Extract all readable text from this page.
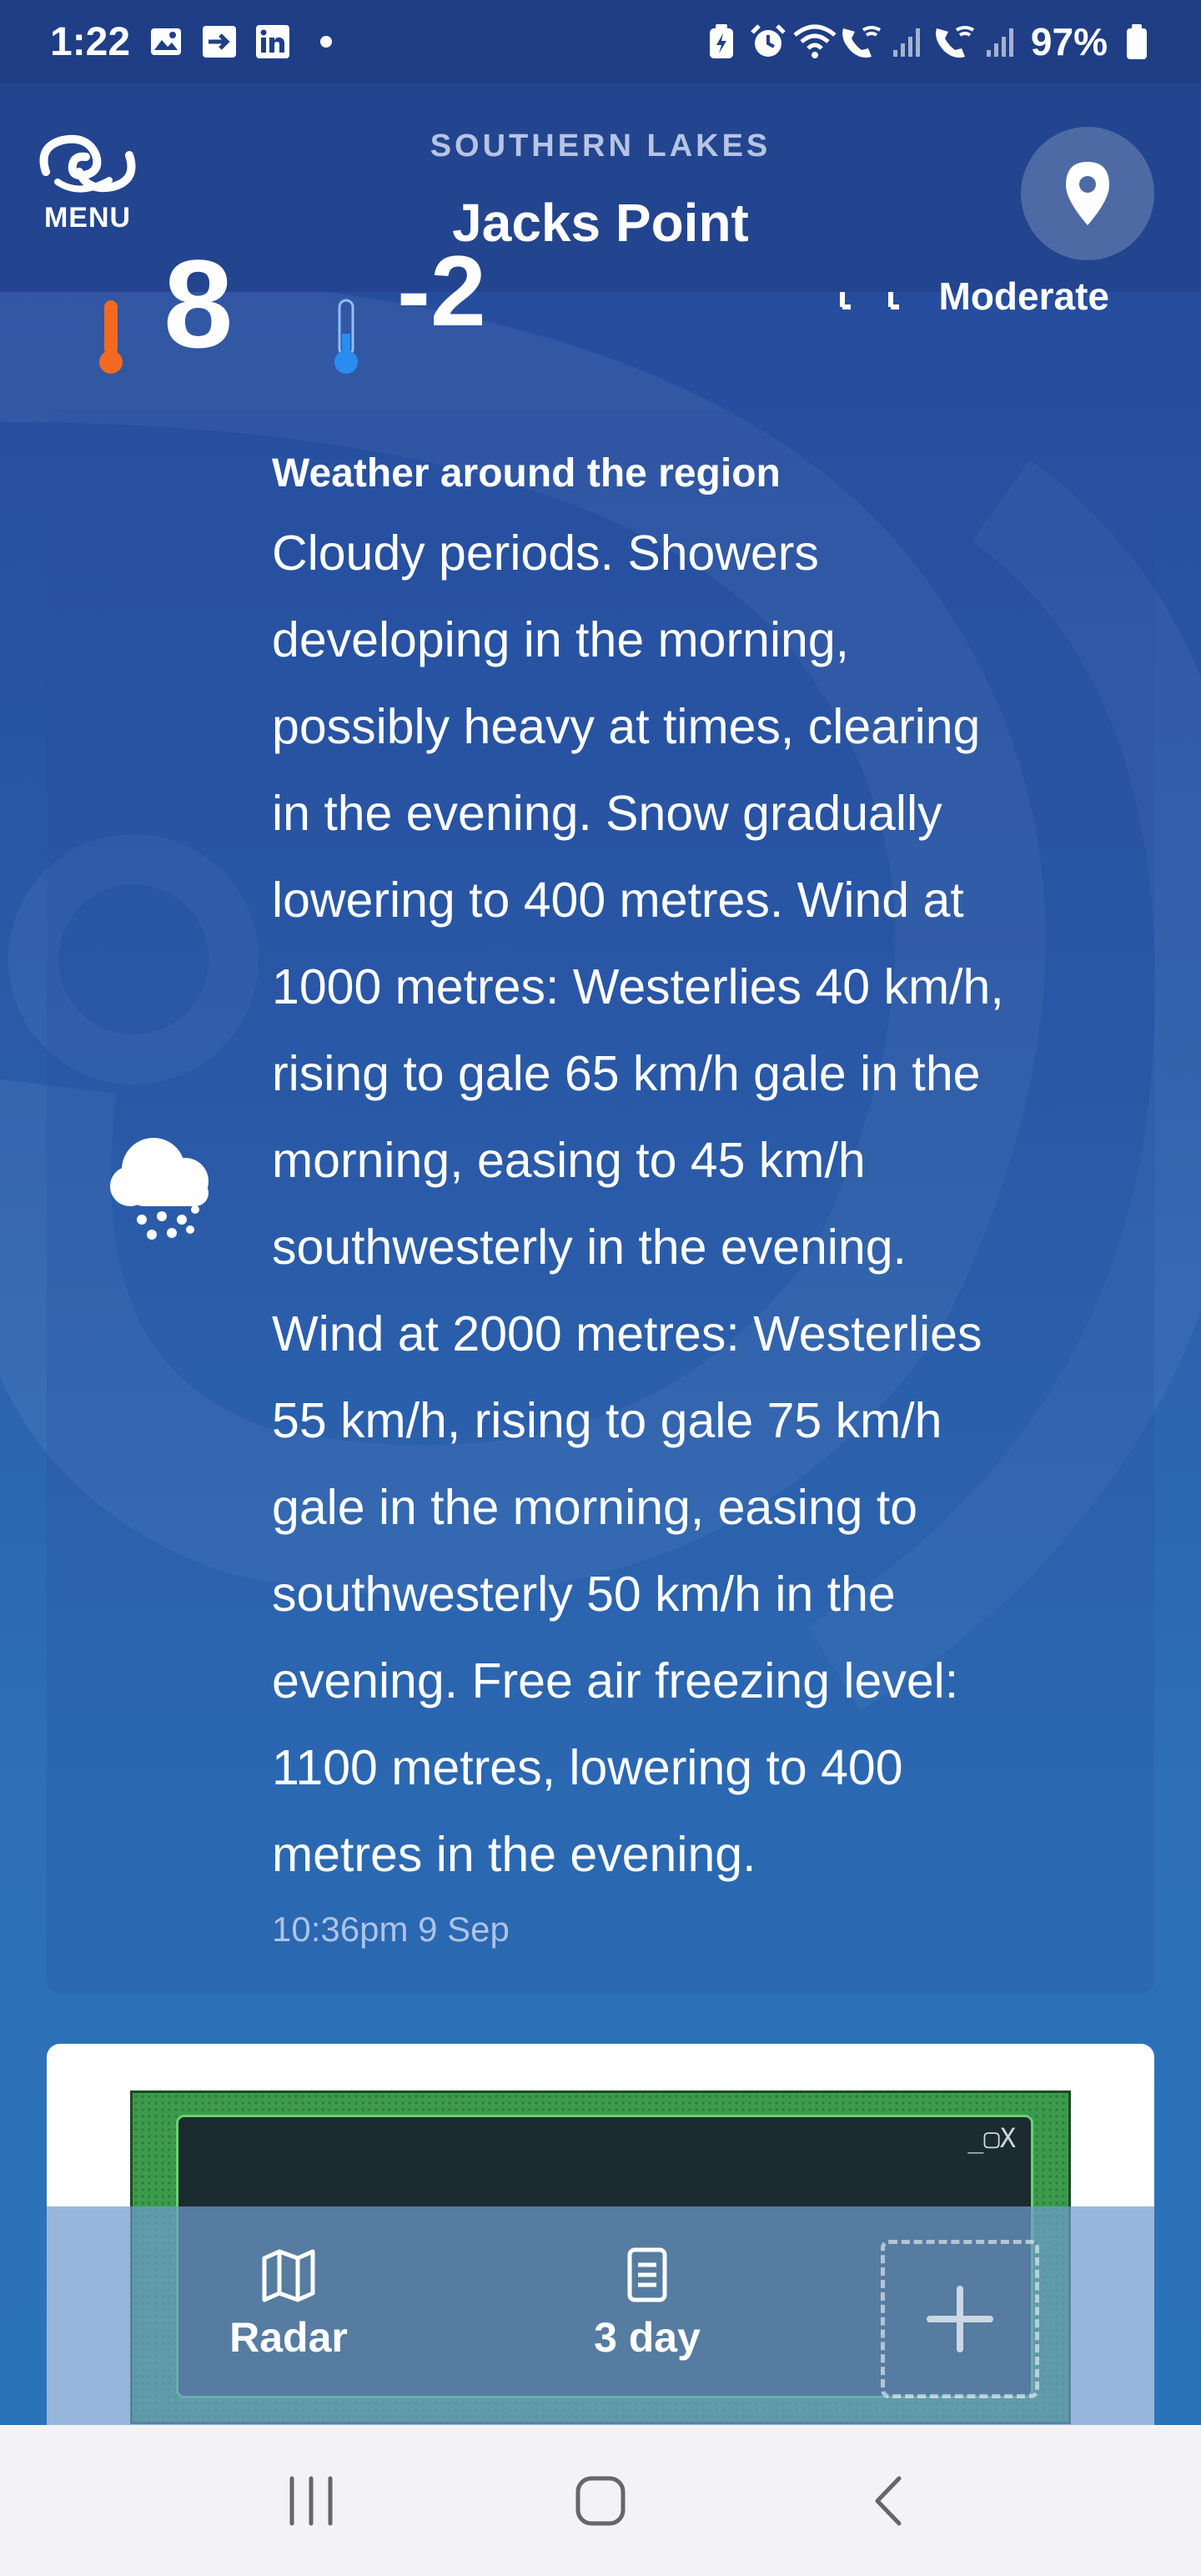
1:22	97%
MENU
SOUTHERN LAKES
Jacks Point
8 -2	Moderate
Weather around the region
Cloudy periods. Showers
developing in the morning,
possibly heavy at times, clearing
in the evening. Snow gradually
lowering to 400 metres. Wind at
1000 metres: Westerlies 40 km/h,
rising to gale 65 km/h gale in the
morning, easing to 45 km/h
southwesterly in the evening.
Wind at 2000 metres: Westerlies
55 km/h, rising to gale 75 km/h
gale in the morning, easing to
southwesterly 50 km/h in the
evening. Free air freezing level:
1100 metres, lowering to 400
metres in the evening.
10:36pm 9 Sep
_▢X
Radar	3 day
